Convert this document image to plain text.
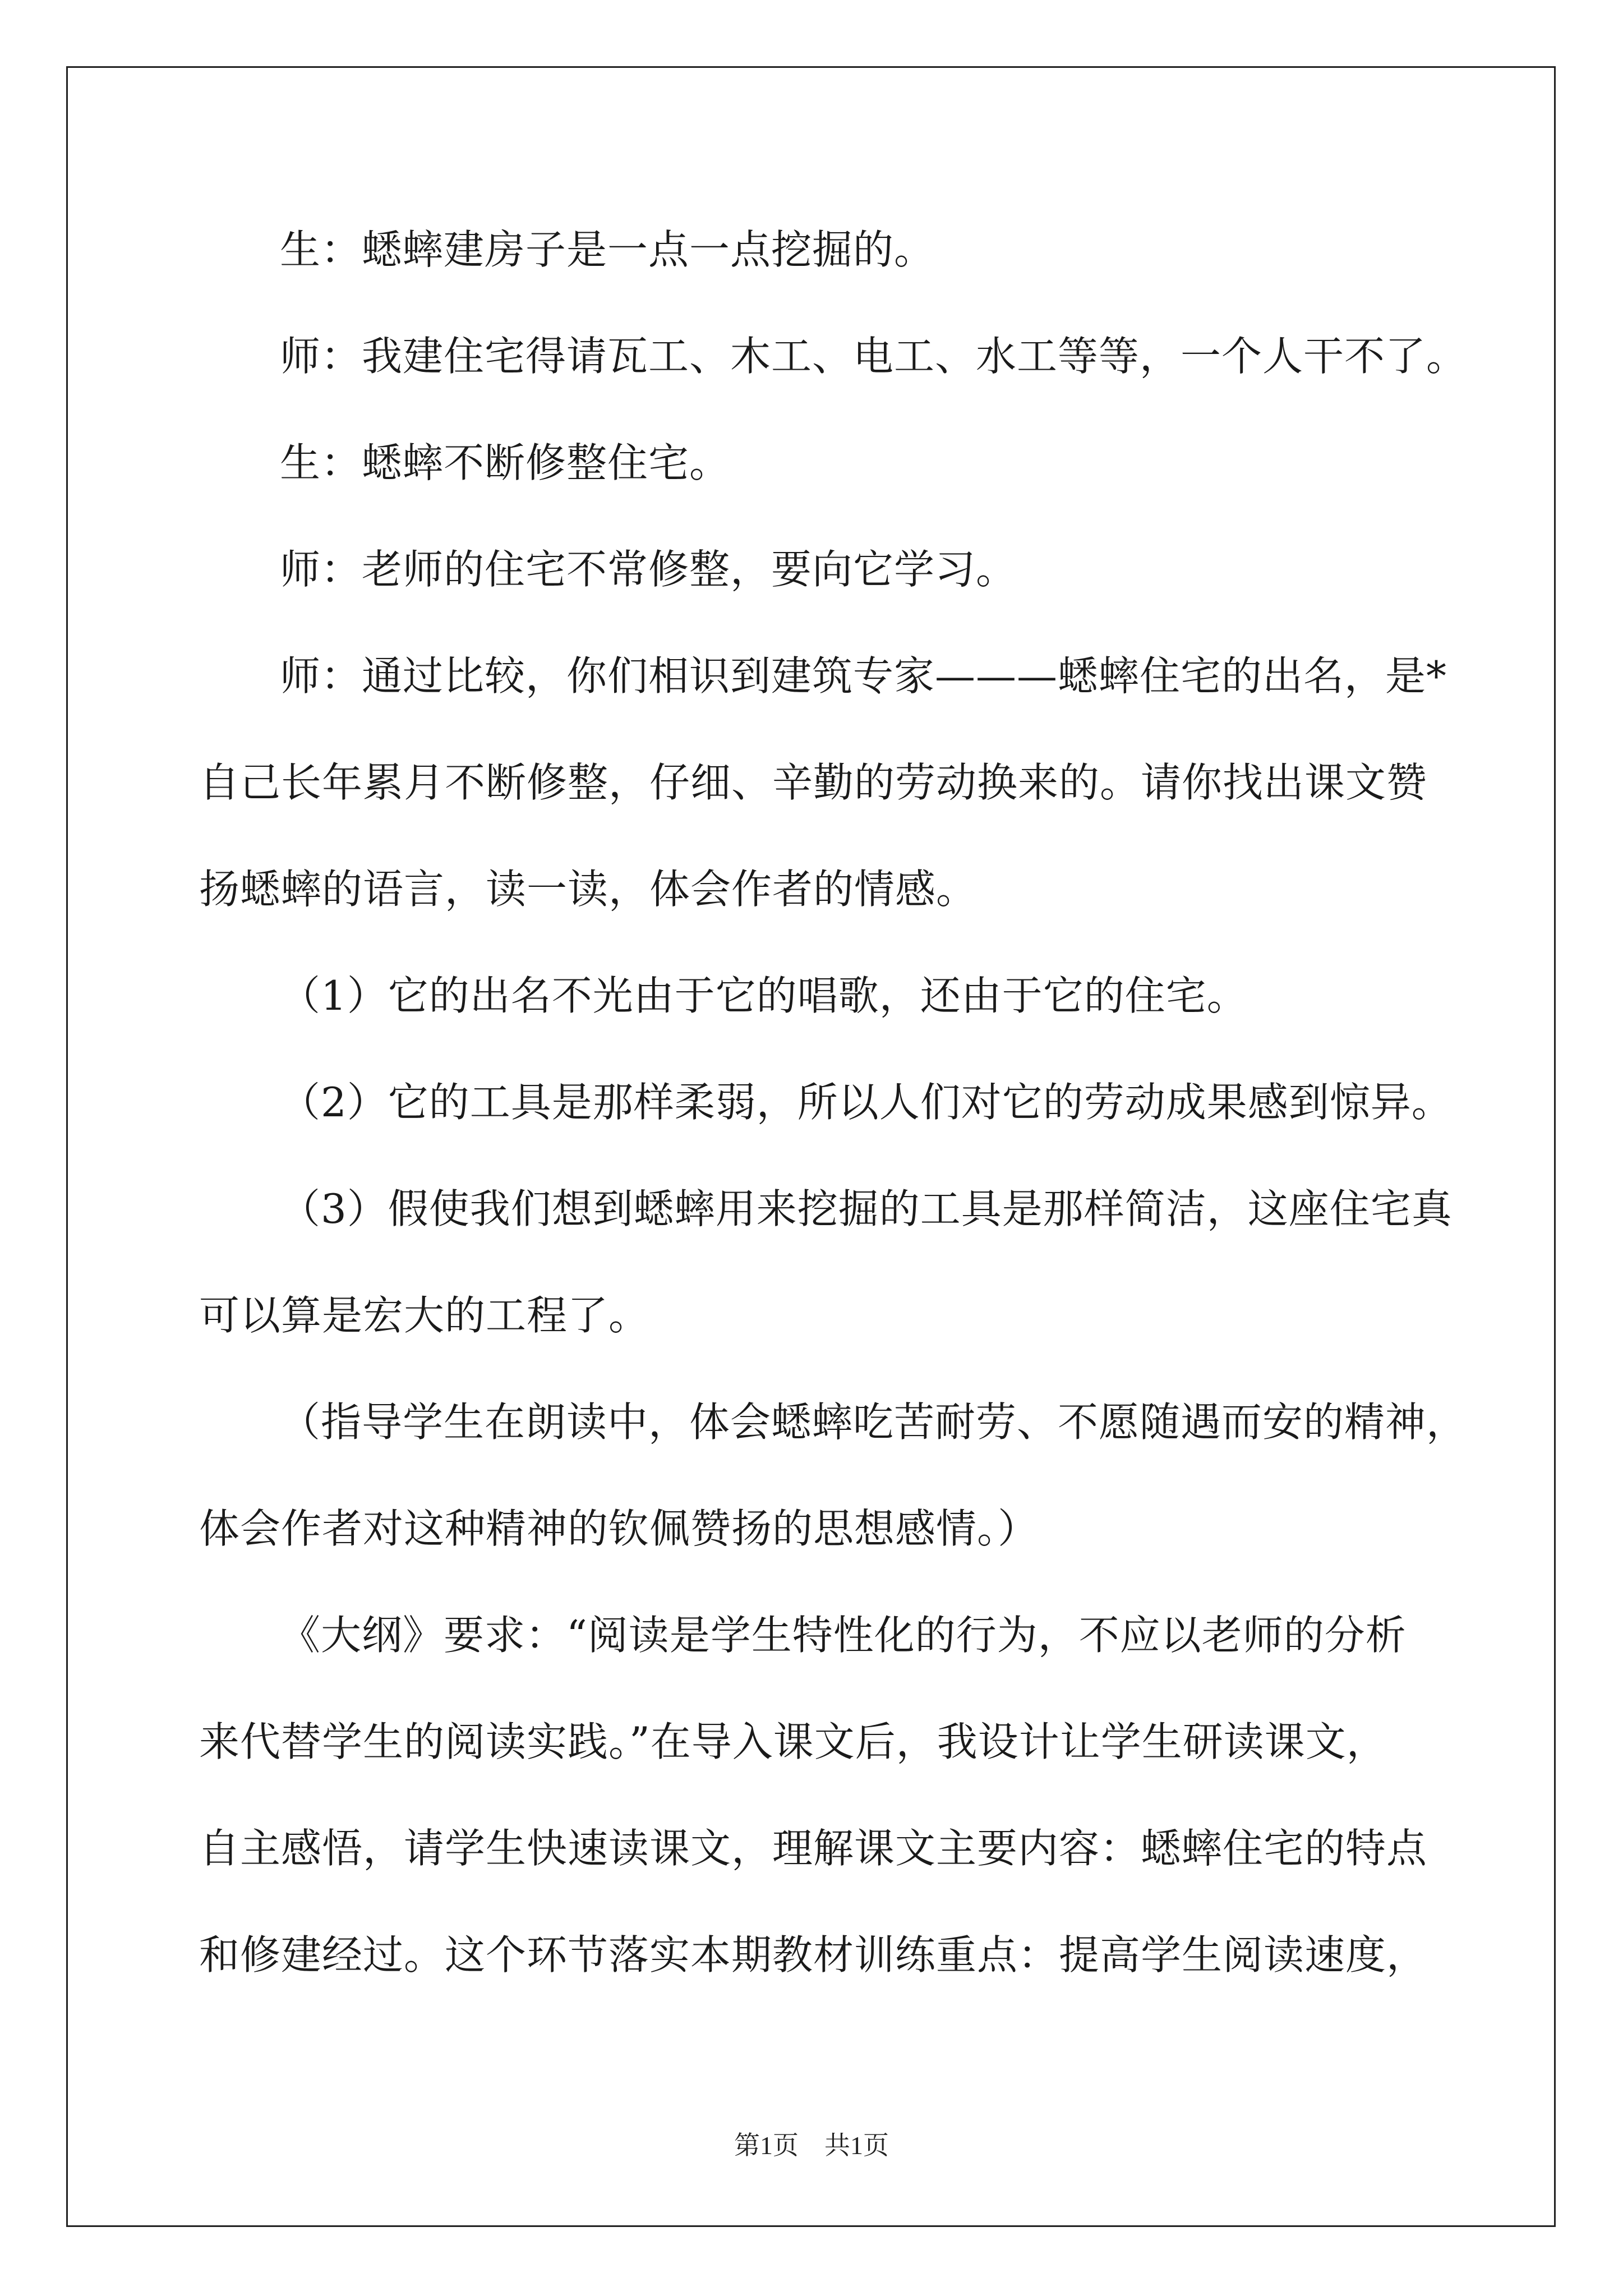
生：蟋蟀建房子是一点一点挖掘的。
师：我建住宅得请瓦工、木工、电工、水工等等，一个人干不了。
生：蟋蟀不断修整住宅。
师：老师的住宅不常修整，要向它学习。
师：通过比较，你们相识到建筑专家———蟋蟀住宅的出名，是*
自己长年累月不断修整，仔细、辛勤的劳动换来的。请你找出课文赞
扬蟋蟀的语言，读一读，体会作者的情感。
（1）它的出名不光由于它的唱歌，还由于它的住宅。
（2）它的工具是那样柔弱，所以人们对它的劳动成果感到惊异。
（3）假使我们想到蟋蟀用来挖掘的工具是那样简洁，这座住宅真
可以算是宏大的工程了。
（指导学生在朗读中，体会蟋蟀吃苦耐劳、不愿随遇而安的精神，
体会作者对这种精神的钦佩赞扬的思想感情。）
《大纲》要求：“阅读是学生特性化的行为，不应以老师的分析
来代替学生的阅读实践。”在导入课文后，我设计让学生研读课文，
自主感悟，请学生快速读课文，理解课文主要内容：蟋蟀住宅的特点
和修建经过。这个环节落实本期教材训练重点：提高学生阅读速度，
第1页　共1页
